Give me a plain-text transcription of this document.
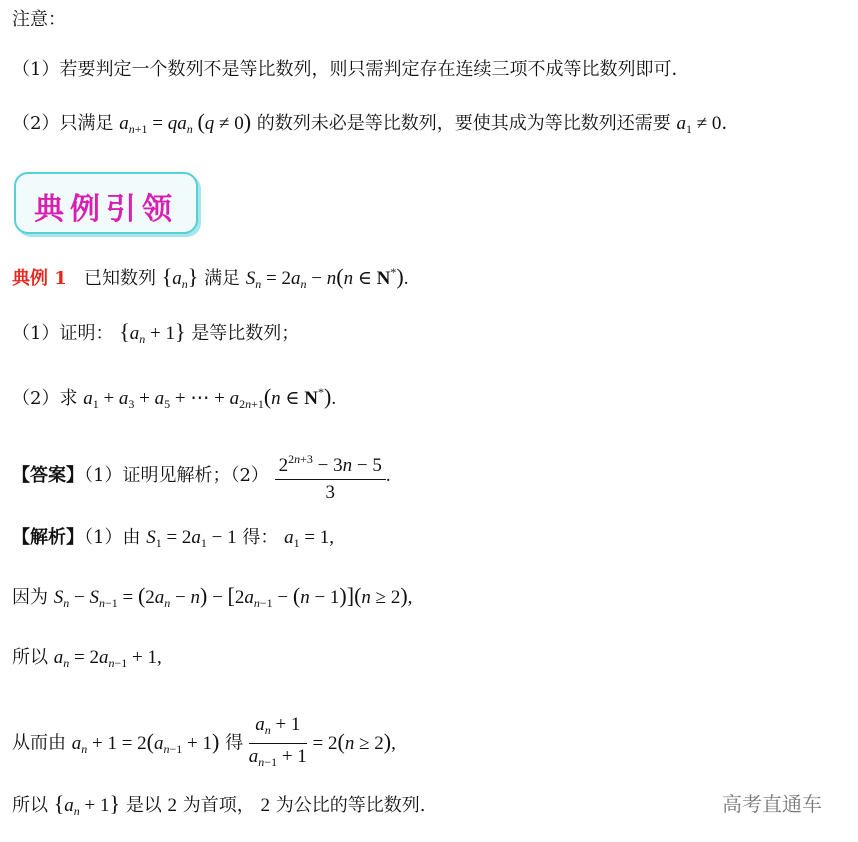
注意：
（1）若要判定一个数列不是等比数列，则只需判定存在连续三项不成等比数列即可．
（2）只满足 $a_{n+1} = qa_n$ (q ≠ 0) 的数列未必是等比数列，要使其成为等比数列还需要 $a_1 \ne 0$．
典例引领
典例 1 已知数列 $\{a_n\}$ 满足 $S_n = 2a_n - n(n$ ∈ N*).
（1）证明： $\{a_n + 1\}$ 是等比数列；
（2）求 $a_1 + a_3 + a_5$ + ⋯ + $a_{2n+1}(n$ ∈ N*).
【答案】（1）证明见解析；$(2) \frac{2^{2n+3} - 3n - 5}{3}$ .
【解析】（1）由 $S_1 = 2a_1 - 1$ 得： $a_1 = 1$,
因为 $S_n - S_{n-1} = (2a_n - n) - [2a_{n-1} - (n - 1)](n \ge 2)$,
所以 $a_n = 2a_{n-1} + 1$,
从而由 $a_n + 1 = 2(a_{n-1} + 1)$ 得 $\frac{a_n + 1}{a_{n-1} + 1} = 2(n \ge 2)$,
所以 $\{a_n + 1\}$ 是以 2 为首项， 2 为公比的等比数列.	高考直通车
